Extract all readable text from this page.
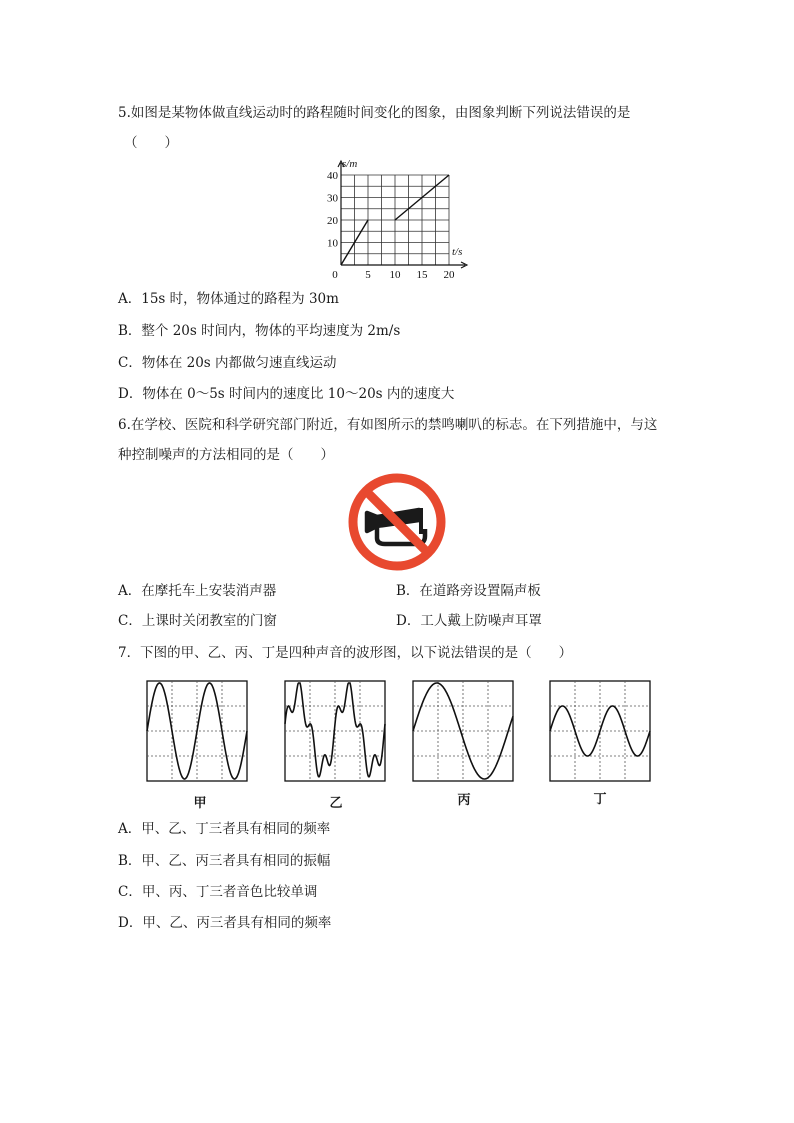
5.如图是某物体做直线运动时的路程随时间变化的图象，由图象判断下列说法错误的是
（　　）
0	5 10 15 20
10
20
30
40
s/m
t/s
A．15s 时，物体通过的路程为 30m
B．整个 20s 时间内，物体的平均速度为 2m/s
C．物体在 20s 内都做匀速直线运动
D．物体在 0～5s 时间内的速度比 10～20s 内的速度大
6.在学校、医院和科学研究部门附近，有如图所示的禁鸣喇叭的标志。在下列措施中，与这
种控制噪声的方法相同的是（　　）
A．在摩托车上安装消声器	B．在道路旁设置隔声板
C．上课时关闭教室的门窗	D．工人戴上防噪声耳罩
7．下图的甲、乙、丙、丁是四种声音的波形图，以下说法错误的是（　　）
甲	乙	丙	丁
A．甲、乙、丁三者具有相同的频率
B．甲、乙、丙三者具有相同的振幅
C．甲、丙、丁三者音色比较单调
D．甲、乙、丙三者具有相同的频率
